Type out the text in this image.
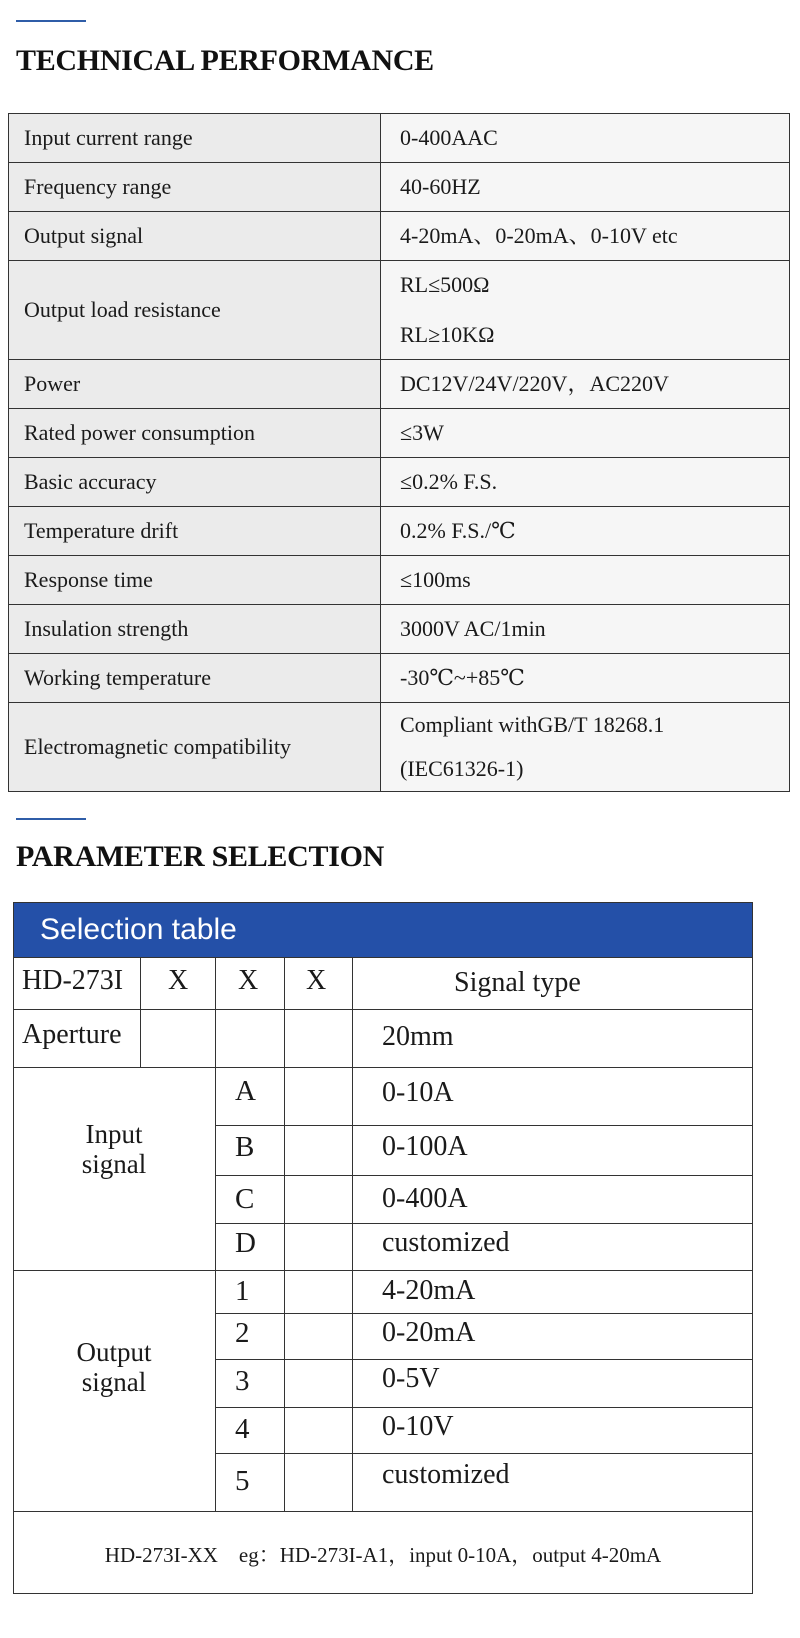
TECHNICAL PERFORMANCE
Input current range	0-400AAC

Frequency range	40-60HZ

Output signal	4-20mA、0-20mA、0-10V etc

Output load resistance	RL≤500Ω
RL≥10KΩ

Power	DC12V/24V/220V，AC220V

Rated power consumption	≤3W

Basic accuracy	≤0.2% F.S.

Temperature drift	0.2% F.S./℃

Response time	≤100ms

Insulation strength	3000V AC/1min

Working temperature	-30℃~+85℃

Electromagnetic compatibility	Compliant withGB/T 18268.1
(IEC61326-1)
PARAMETER SELECTION
Selection table
HD-273I X X X	Signal type
Aperture	20mm
Input signal
A	0-10A
B	0-100A
C	0-400A
D	customized
Output signal
1	4-20mA
2	0-20mA
3	0-5V
4	0-10V
5	customized
HD-273I-XX    eg：HD-273I-A1，input 0-10A，output 4-20mA
